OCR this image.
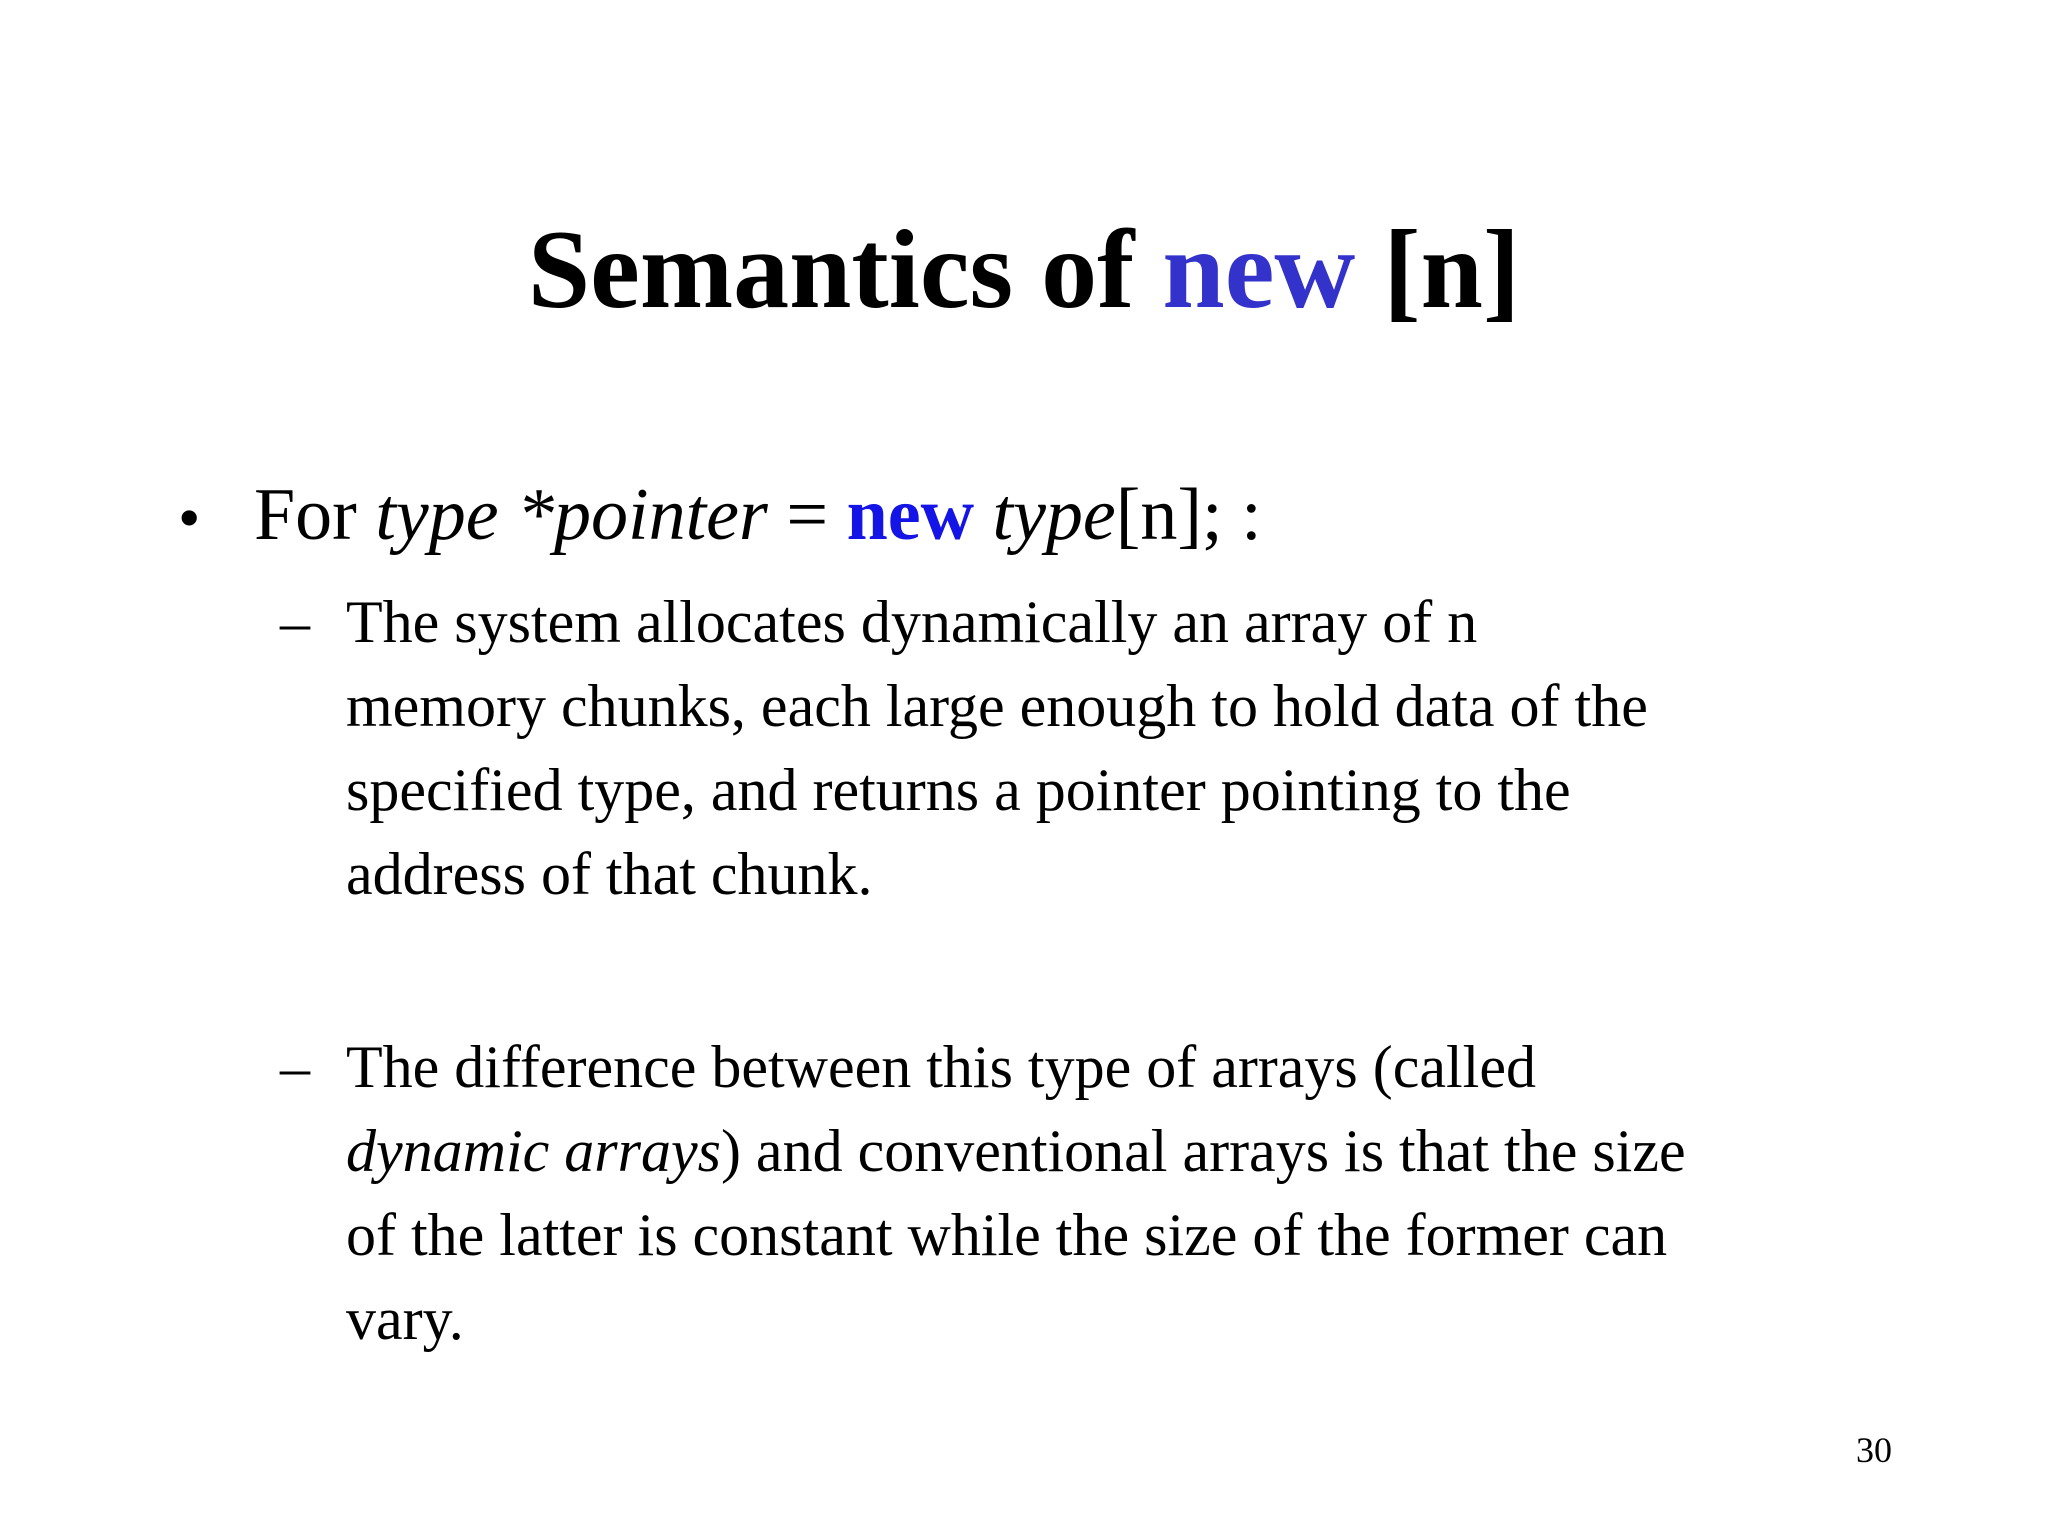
Semantics of new [n]
• For type *pointer = new type[n]; :
– The system allocates dynamically an array of n
memory chunks, each large enough to hold data of the
specified type, and returns a pointer pointing to the
address of that chunk.
– The difference between this type of arrays (called
dynamic arrays) and conventional arrays is that the size
of the latter is constant while the size of the former can
vary.
30
